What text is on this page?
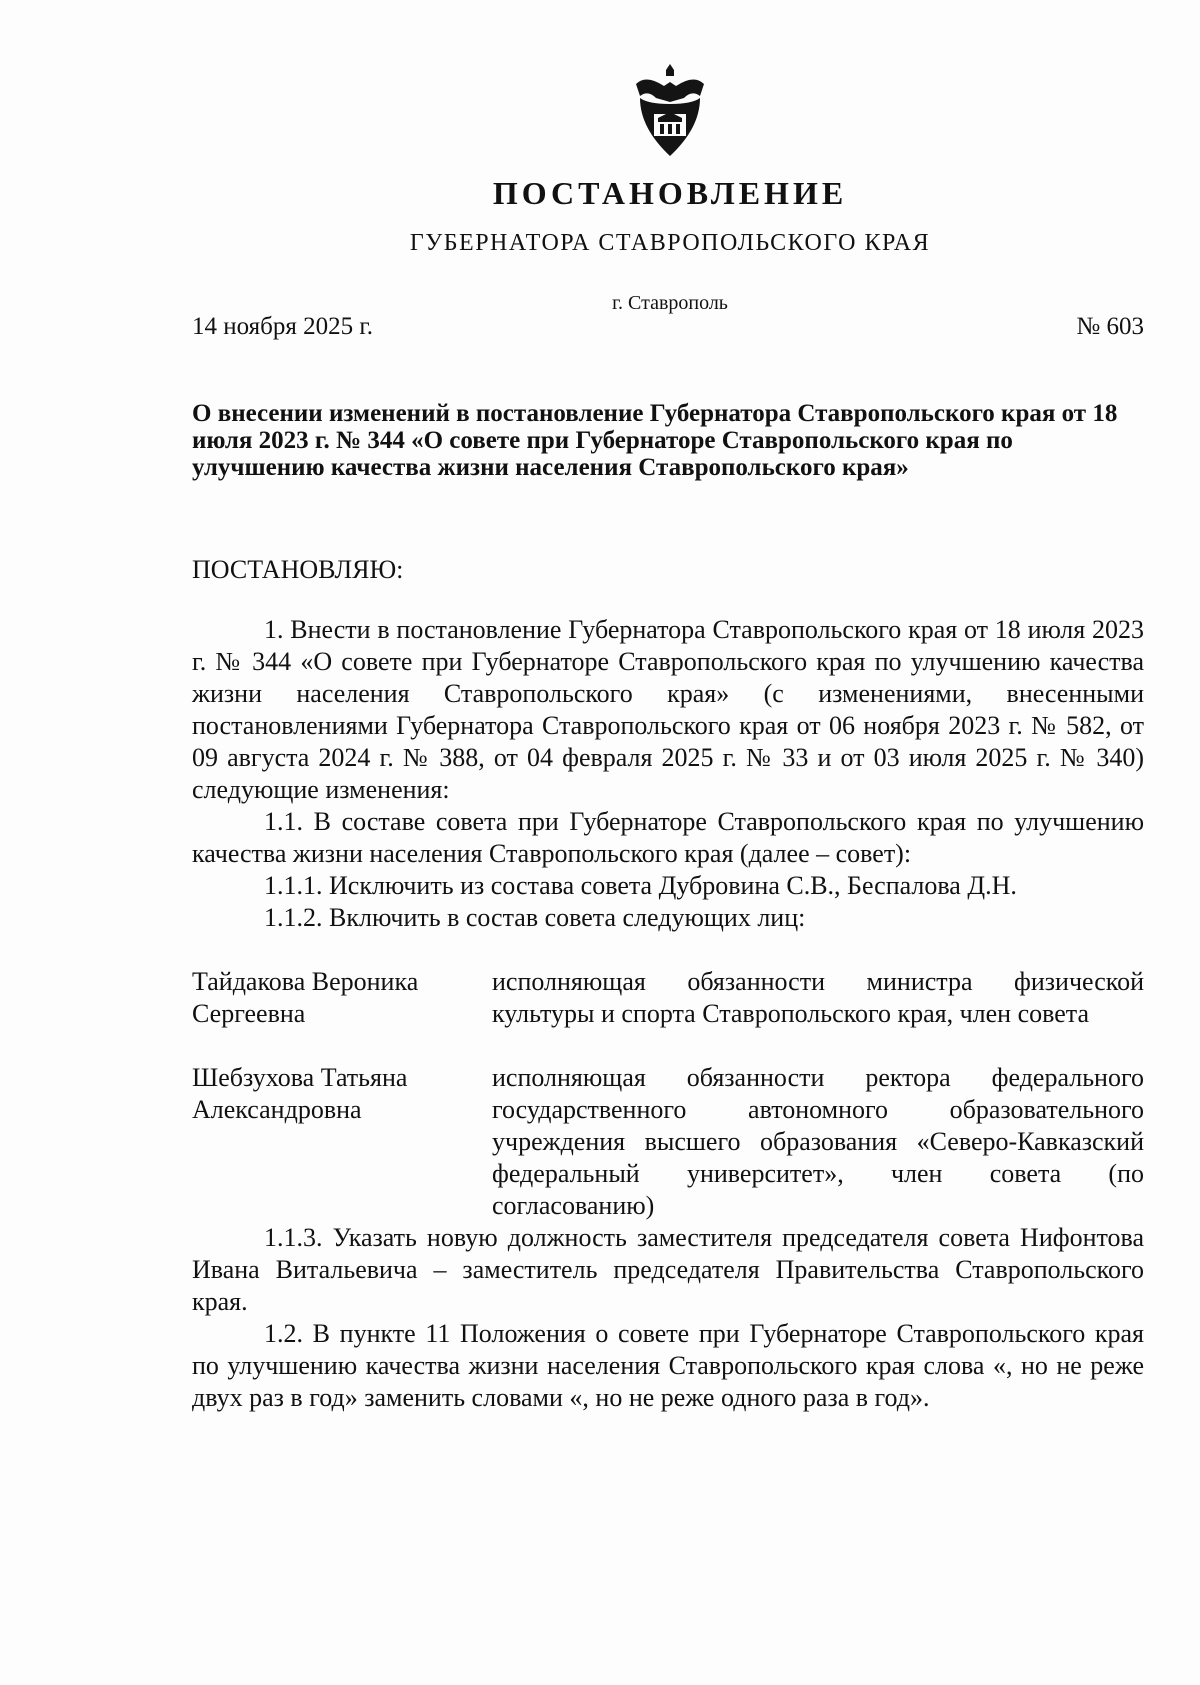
ПОСТАНОВЛЕНИЕ
ГУБЕРНАТОРА СТАВРОПОЛЬСКОГО КРАЯ
г. Ставрополь
14 ноября 2025 г.	№ 603
О внесении изменений в постановление Губернатора Ставропольского края от 18 июля 2023 г. № 344 «О совете при Губернаторе Ставропольского края по улучшению качества жизни населения Ставропольского края»
ПОСТАНОВЛЯЮ:

1. Внести в постановление Губернатора Ставропольского края от 18 июля 2023 г. № 344 «О совете при Губернаторе Ставропольского края по улучшению качества жизни населения Ставропольского края» (с изменениями, внесенными постановлениями Губернатора Ставропольского края от 06 ноября 2023 г. № 582, от 09 августа 2024 г. № 388, от 04 февраля 2025 г. № 33 и от 03 июля 2025 г. № 340) следующие изменения:

1.1. В составе совета при Губернаторе Ставропольского края по улучшению качества жизни населения Ставропольского края (далее – совет):

1.1.1. Исключить из состава совета Дубровина С.В., Беспалова Д.Н.

1.1.2. Включить в состав совета следующих лиц:

Тайдакова Вероника Сергеевна
исполняющая обязанности министра физической культуры и спорта Ставропольского края, член совета
Шебзухова Татьяна Александровна
исполняющая обязанности ректора федерального государственного автономного образовательного учреждения высшего образования «Северо-Кавказский федеральный университет», член совета (по согласованию)

1.1.3. Указать новую должность заместителя председателя совета Нифонтова Ивана Витальевича – заместитель председателя Правительства Ставропольского края.

1.2. В пункте 11 Положения о совете при Губернаторе Ставропольского края по улучшению качества жизни населения Ставропольского края слова «, но не реже двух раз в год» заменить словами «, но не реже одного раза в год».
